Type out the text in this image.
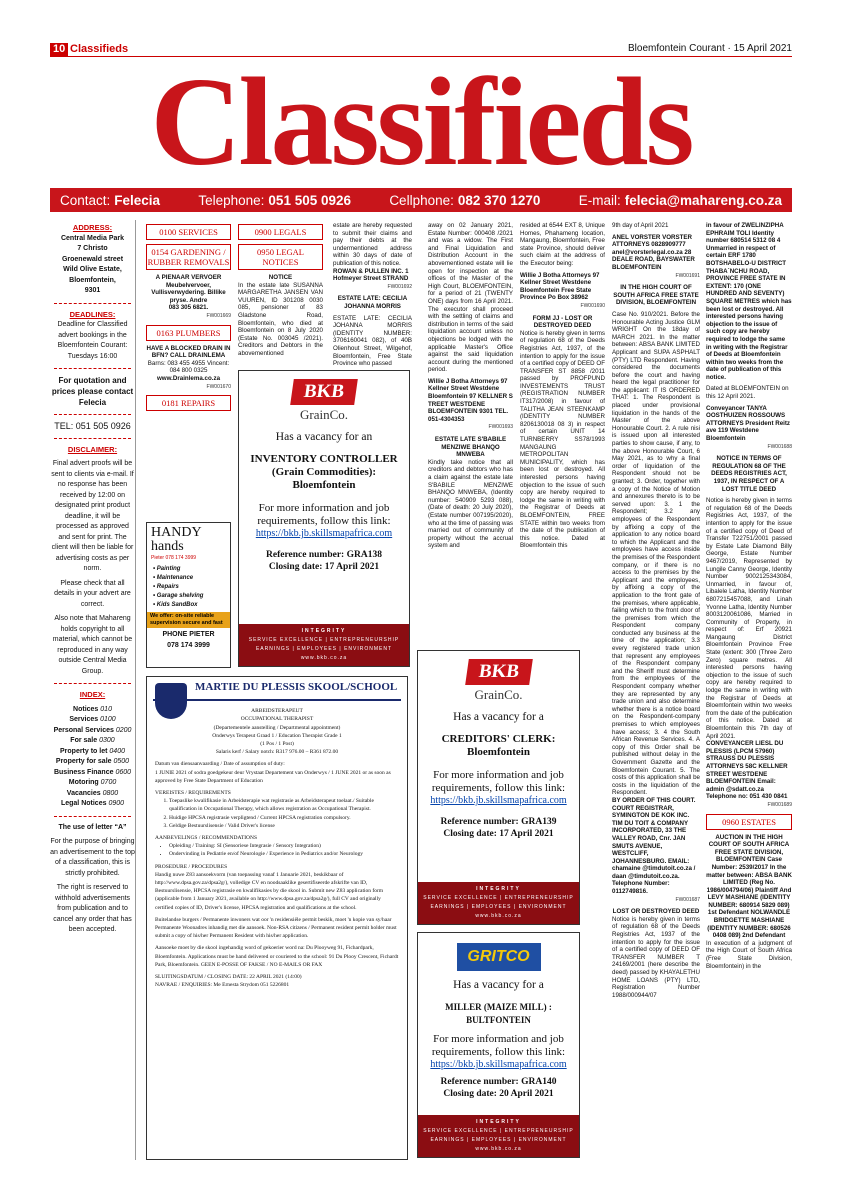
10 Classifieds	Bloemfontein Courant · 15 April 2021
Classifieds
Contact: Felecia	Telephone: 051 505 0926	Cellphone: 082 370 1270	E-mail: felecia@mahareng.co.za
ADDRESS:
Central Media Park
7 Christo
Groenewald street
Wild Olive Estate,
Bloemfontein,
9301
DEADLINES:
Deadline for Classified advert bookings in the Bloemfontein Courant: Tuesdays 16:00
For quotation and prices please contact Felecia
TEL: 051 505 0926
DISCLAIMER:
Final advert proofs will be sent to clients via e-mail. If no response has been received by 12:00 on designated print product deadline, it will be processed as approved and sent for print. The client will then be liable for advertising costs as per norm.
Please check that all details in your advert are correct.
Also note that Mahareng holds copyright to all material, which cannot be reproduced in any way outside Central Media Group.
INDEX:
Notices 010
Services 0100
Personal Services 0200
For sale 0300
Property to let 0400
Property for sale 0500
Business Finance 0600
Motoring 0700
Vacancies 0800
Legal Notices 0900
The use of letter “A”
For the purpose of bringing an advertisement to the top of a classification, this is strictly prohibited.
The right is reserved to withhold advertisements from publication and to cancel any order that has been accepted.
0100 SERVICES
0154 GARDENING / RUBBER REMOVALS
A PIENAAR VERVOER Meubelvervoer, Vullisverwydering. Billike pryse. Andre
083 305 6821.
FW001669
0163 PLUMBERS
HAVE A BLOCKED DRAIN IN BFN? CALL DRAINLEMA
Barns: 083 455 4955 Vincent: 084 800 0325
www.Drainlema.co.za
FW001670
0181 REPAIRS
HANDY hands
Pieter 078 174 3999
• Painting
• Maintenance
• Repairs
• Garage shelving
• Kids SandBox
We offer: on-site reliable supervision secure and fast
PHONE PIETER
078 174 3999
0900 LEGALS
0950 LEGAL NOTICES
NOTICE
In the estate late SUSANNA MARGARETHA JANSEN VAN VUUREN, ID 301208 0030 085, pensioner of 83 Gladstone Road, Bloemfontein, who died at Bloemfontein on 8 July 2020 (Estate No. 003045 /2021). Creditors and Debtors in the abovementioned
estate are hereby requested to submit their claims and pay their debts at the undermentioned address within 30 days of date of publication of this notice.
ROWAN & PULLEN INC. 1 Hofmeyer Street STRAND
FW001692
ESTATE LATE: CECILIA JOHANNA MORRIS
ESTATE LATE: CECILIA JOHANNA MORRIS (IDENTITY NUMBER: 3706160041 082), of 40B Olienhout Street, Wilgehof, Bloemfontein, Free State Province who passed
BKB
GrainCo.
Has a vacancy for an
INVENTORY CONTROLLER (Grain Commodities): Bloemfontein
For more information and job requirements, follow this link:
https://bkb.jb.skillsmapafrica.com
Reference number: GRA138
Closing date: 17 April 2021
INTEGRITY
SERVICE EXCELLENCE | ENTREPRENEURSHIP
EARNINGS | EMPLOYEES | ENVIRONMENT
www.bkb.co.za
away on 02 January 2021, Estate Number: 000408 /2021 and was a widow. The First and Final Liquidation and Distribution Account in the abovementioned estate will lie open for inspection at the offices of the Master of the High Court, BLOEMFONTEIN, for a period of 21 (TWENTY ONE) days from 16 April 2021. The executor shall proceed with the settling of claims and distribution in terms of the said liquidation account unless no objections be lodged with the applicable Master's Office against the said liquidation account during the mentioned period.
Willie J Botha Attorneys 97 Kellner Street Westdene Bloemfontein 97 KELLNER S TREET WESTDENE BLOEMFONTEIN 9301 TEL. 051-4304353
FW001693
ESTATE LATE S'BABILE MENZIWE BHANQO MNWEBA
Kindly take notice that all creditors and debtors who has a claim against the estate late S'BABILE MENZIWE BHANQO MNWEBA, (Identity number: 540909 5293 088), (Date of death: 20 July 2020), (Estate number 007195/2020), who at the time of passing was married out of community of property without the accrual system and
resided at 6544 EXT 8, Unique Homes, Phahameng location, Mangaung, Bloemfontein, Free state Province, should deliver such claim at the address of the Executor being:
Willie J Botha Attorneys 97 Kellner Street Westdene Bloemfontein Free State Province Po Box 38962
FW001690
FORM JJ - LOST OR DESTROYED DEED
Notice is hereby given in terms of regulation 68 of the Deeds Registries Act, 1937, of the intention to apply for the issue of a certified copy of DEED OF TRANSFER ST 8858 /2011 passed by PROFPUND INVESTEMENTS TRUST (REGISTRATION NUMBER IT317/2008) in favour of TALITHA JEAN STEENKAMP (IDENTITY NUMBER 8206130018 08 3) in respect of certain UNIT 14 TURNBERRY SS78/1993 MANGAUNG METROPOLITAN MUNICIPALITY, which has been lost or destroyed. All interested persons having objection to the issue of such copy are hereby required to lodge the same in writing with the Registrar of Deeds at BLOEMFONTEIN, FREE STATE within two weeks from the date of the publication of this notice. Dated at Bloemfontein this
BKB
GrainCo.
Has a vacancy for a
CREDITORS' CLERK: Bloemfontein
For more information and job requirements, follow this link:
https://bkb.jb.skillsmapafrica.com
Reference number: GRA139
Closing date: 17 April 2021
INTEGRITY
SERVICE EXCELLENCE | ENTREPRENEURSHIP
EARNINGS | EMPLOYEES | ENVIRONMENT
www.bkb.co.za
GRITCO
Has a vacancy for a
MILLER (MAIZE MILL) : BULTFONTEIN
For more information and job requirements, follow this link:
https://bkb.jb.skillsmapafrica.com
Reference number: GRA140
Closing date: 20 April 2021
INTEGRITY
SERVICE EXCELLENCE | ENTREPRENEURSHIP
EARNINGS | EMPLOYEES | ENVIRONMENT
www.bkb.co.za
MARTIE DU PLESSIS SKOOL/SCHOOL
ARBEIDSTERAPEUT
OCCUPATIONAL THERAPIST
(Departementele aanstelling / Departmental appointment)
Onderwys Terapeut Graad 1 / Education Therapist Grade 1
(1 Pos / 1 Post)
Salaris kerf / Salary notch: R317 976.00 – R361 872.00
Datum van diensaanvaarding / Date of assumption of duty:
1 JUNIE 2021 of sodra goedgekeur deur Vrystaat Departement van Onderwys / 1 JUNE 2021 or as soon as approved by Free State Department of Education
VEREISTES / REQUIREMENTS
1. Toepaslike kwalifikasie in Arbeidsterapie wat registrasie as Arbeidsterapeut toelaat./ Suitable qualification in Occupational Therapy, which allows registration as Occupational Therapist.
2. Huidige HPCSA registrasie verpligtend / Current HPCSA registration compulsory.
3. Geldige Bestuurslisensie / Valid Driver's license
AANBEVELINGS / RECOMMENDATIONS
• Opleiding / Training: SI (Sensoriese Integrasie / Sensory Integration)
• Ondervinding in Pediatrie en/of Neurologie / Experience in Pediatrics and/or Neurology
PROSEDURE / PROCEDURES
Handig nuwe Z83 aansoekvorm (van toepassing vanaf 1 Januarie 2021, beskikbaar of http://www.dpsa.gov.za/dpsa2g/), volledige CV en noodsaaklike gesertifiseerde afskrifte van ID, Bestuurslisensie, HPCSA registrasie en kwalifikasies by die skool in. Submit new Z83 application form (applicable from 1 January 2021, available on http://www.dpsa.gov.za/dpsa2g/), full CV and originally certified copies of ID, Driver's license, HPCSA registration and qualifications at the school.
Buitelandse burgers / Permanente inwoners wat oor 'n residensiële permit beskik, moet 'n kopie van sy/haar Permanente Woonadres inhandig met die aansoek. Non-RSA citizens / Permanent resident permit holder must submit a copy of his/her Permanent Resident with his/her application.
Aansoeke moet by die skool ingehandig word of gekoerier word na: Du Plooyweg 91, Fichardpark, Bloemfontein. Applications must be hand delivered or couriered to the school: 91 Du Plooy Crescent, Fichardt Park, Bloemfontein. GEEN E-POSSE OF FAKSE / NO E-MAILS OR FAX
SLUITINGSDATUM / CLOSING DATE: 22 APRIL 2021 (14:00)
NAVRAE / ENQUIRIES: Me Ernesta Strydom 051 5226801
9th day of April 2021
ANEL VORSTER VORSTER ATTORNEYS 0828909777 anel@vorsterlegal.co.za 28 DEALE ROAD, BAYSWATER BLOEMFONTEIN
FW001691
IN THE HIGH COURT OF SOUTH AFRICA FREE STATE DIVISION, BLOEMFONTEIN
Case No. 910/2021. Before the Honourable Acting Justice GLM WRIGHT On the 18day of MARCH 2021. In the matter between: ABSA BANK LIMITED Applicant and SUPA ASPHALT (PTY) LTD Respondent. Having considered the documents before the court and having heard the legal practitioner for the applicant: IT IS ORDERED THAT: 1. The Respondent is placed under provisional liquidation in the hands of the Master of the above Honourable Court. 2. A rule nisi is issued upon all interested parties to show cause, if any, to the above Honourable Court, 6 May 2021, as to why a final order of liquidation of the Respondent should not be granted; 3. Order, together with a copy of the Notice of Motion and annexures thereto is to be served upon: 3. 1 the Respondent; 3.2 any employees of the Respondent by affixing a copy of the application to any notice board to which the Applicant and the employees have access inside the premises of the Respondent company, or if there is no access to the premises by the Applicant and the employees, by affixing a copy of the application to the front gate of the premises, where applicable, failing which to the front door of the premises from which the Respondent company conducted any business at the time of the application; 3.3 every registered trade union that represent any employees of the Respondent company and the Sheriff must determine from the employees of the Respondent company whether they are represented by any trade union and also determine whether there is a notice board on the Respondent-company premises to which employees have access; 3. 4 the South African Revenue Services. 4. A copy of this Order shall be published without delay in the Government Gazette and the Bloemfontein Courant. 5. The costs of this application shall be costs in the liquidation of the Respondent.
BY ORDER OF THIS COURT. COURT REGISTRAR, SYMINGTON DE KOK INC. TIM DU TOIT & COMPANY INCORPORATED, 33 THE VALLEY ROAD, Cnr. JAN SMUTS AVENUE, WESTCLIFF, JOHANNESBURG. EMAIL: chamaine @timdutoit.co.za / daan @timdutoit.co.za. Telephone Number: 0112749816.
FW001687
LOST OR DESTROYED DEED
Notice is hereby given in terms of regulation 68 of the Deeds Registries Act, 1937 of the intention to apply for the issue of a certified copy of DEED OF TRANSFER NUMBER T 24169/2001 (here describe the deed) passed by KHAYALETHU HOME LOANS (PTY) LTD, Registration Number 1988/000944/07
in favour of ZWELINZIPHA EPHRAIM TOLI Identity number 680514 5312 08 4 Unmarried in respect of certain ERF 1780 BOTSHABELO-U DISTRICT THABA`NCHU ROAD, PROVINCE FREE STATE IN EXTENT: 170 (ONE HUNDRED AND SEVENTY) SQUARE METRES which has been lost or destroyed. All interested persons having objection to the issue of such copy are hereby required to lodge the same in writing with the Registrar of Deeds at Bloemfontein within two weeks from the date of publication of this notice.
Dated at BLOEMFONTEIN on this 12 April 2021.
Conveyancer TANYA OOSTHUIZEN ROSSOUWS ATTORNEYS President Reitz ave 119 Westdene Bloemfontein
FW001688
NOTICE IN TERMS OF REGULATION 68 OF THE DEEDS REGISTRIES ACT, 1937, IN RESPECT OF A LOST TITLE DEED
Notice is hereby given in terms of regulation 68 of the Deeds Registries Act, 1937, of the intention to apply for the issue of a certified copy of Deed of Transfer T22751/2001 passed by Estate Late Diamond Billy George, Estate Number 9467/2019, Represented by Lungile Canny George, Identity Number 9002125343084, Unmarried, in favour of, Libalele Latha, Identity Number 6807215457088, and Linah Yvonne Latha, Identity Number 8003120061086, Married in Community of Property, in respect of: Erf 20921 Mangaung District Bloemfontein Province Free State (extent: 300 (Three Zero Zero) square metres. All interested persons having objection to the issue of such copy are hereby required to lodge the same in writing with the Registrar of Deeds at Bloemfontein within two weeks from the date of the publication of this notice. Dated at Bloemfontein this 7th day of April 2021.
CONVEYANCER LIESL DU PLESSIS (LPCM 57960) STRAUSS DU PLESSIS ATTORNEYS 58C KELLNER STREET WESTDENE BLOEMFONTEIN Email: admin @sdatt.co.za Telephone no: 051 430 0841
FW001689
0960 ESTATES
AUCTION IN THE HIGH COURT OF SOUTH AFRICA FREE STATE DIVISION, BLOEMFONTEIN Case Number: 2539/2017 In the matter between: ABSA BANK LIMITED (Reg No. 1986/004794/06) Plaintiff And LEVY MASHIANE (IDENTITY NUMBER: 680914 5829 089) 1st Defendant NOLWANDLE BRIDGETTE MASHIANE (IDENTITY NUMBER: 680526 0408 089) 2nd Defendant
In execution of a judgment of the High Court of South Africa (Free State Division, Bloemfontein) in the
